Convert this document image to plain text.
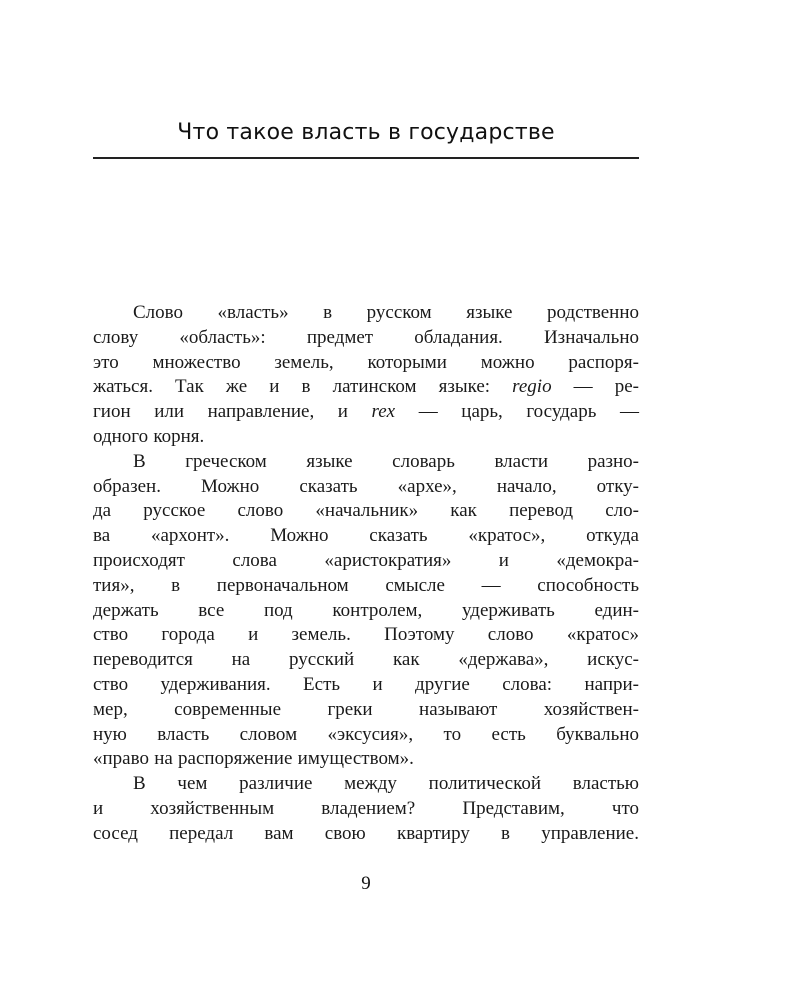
Что такое власть в государстве
Слово «власть» в русском языке родственно
слову «область»: предмет обладания. Изначально
это множество земель, которыми можно распоря-
жаться. Так же и в латинском языке: regio — ре-
гион или направление, и rex — царь, государь —
одного корня.
В греческом языке словарь власти разно-
образен. Можно сказать «архе», начало, отку-
да русское слово «начальник» как перевод сло-
ва «архонт». Можно сказать «кратос», откуда
происходят слова «аристократия» и «демокра-
тия», в первоначальном смысле — способность
держать все под контролем, удерживать един-
ство города и земель. Поэтому слово «кратос»
переводится на русский как «держава», искус-
ство удерживания. Есть и другие слова: напри-
мер, современные греки называют хозяйствен-
ную власть словом «эксусия», то есть буквально
«право на распоряжение имуществом».
В чем различие между политической властью
и хозяйственным владением? Представим, что
сосед передал вам свою квартиру в управление.
9
